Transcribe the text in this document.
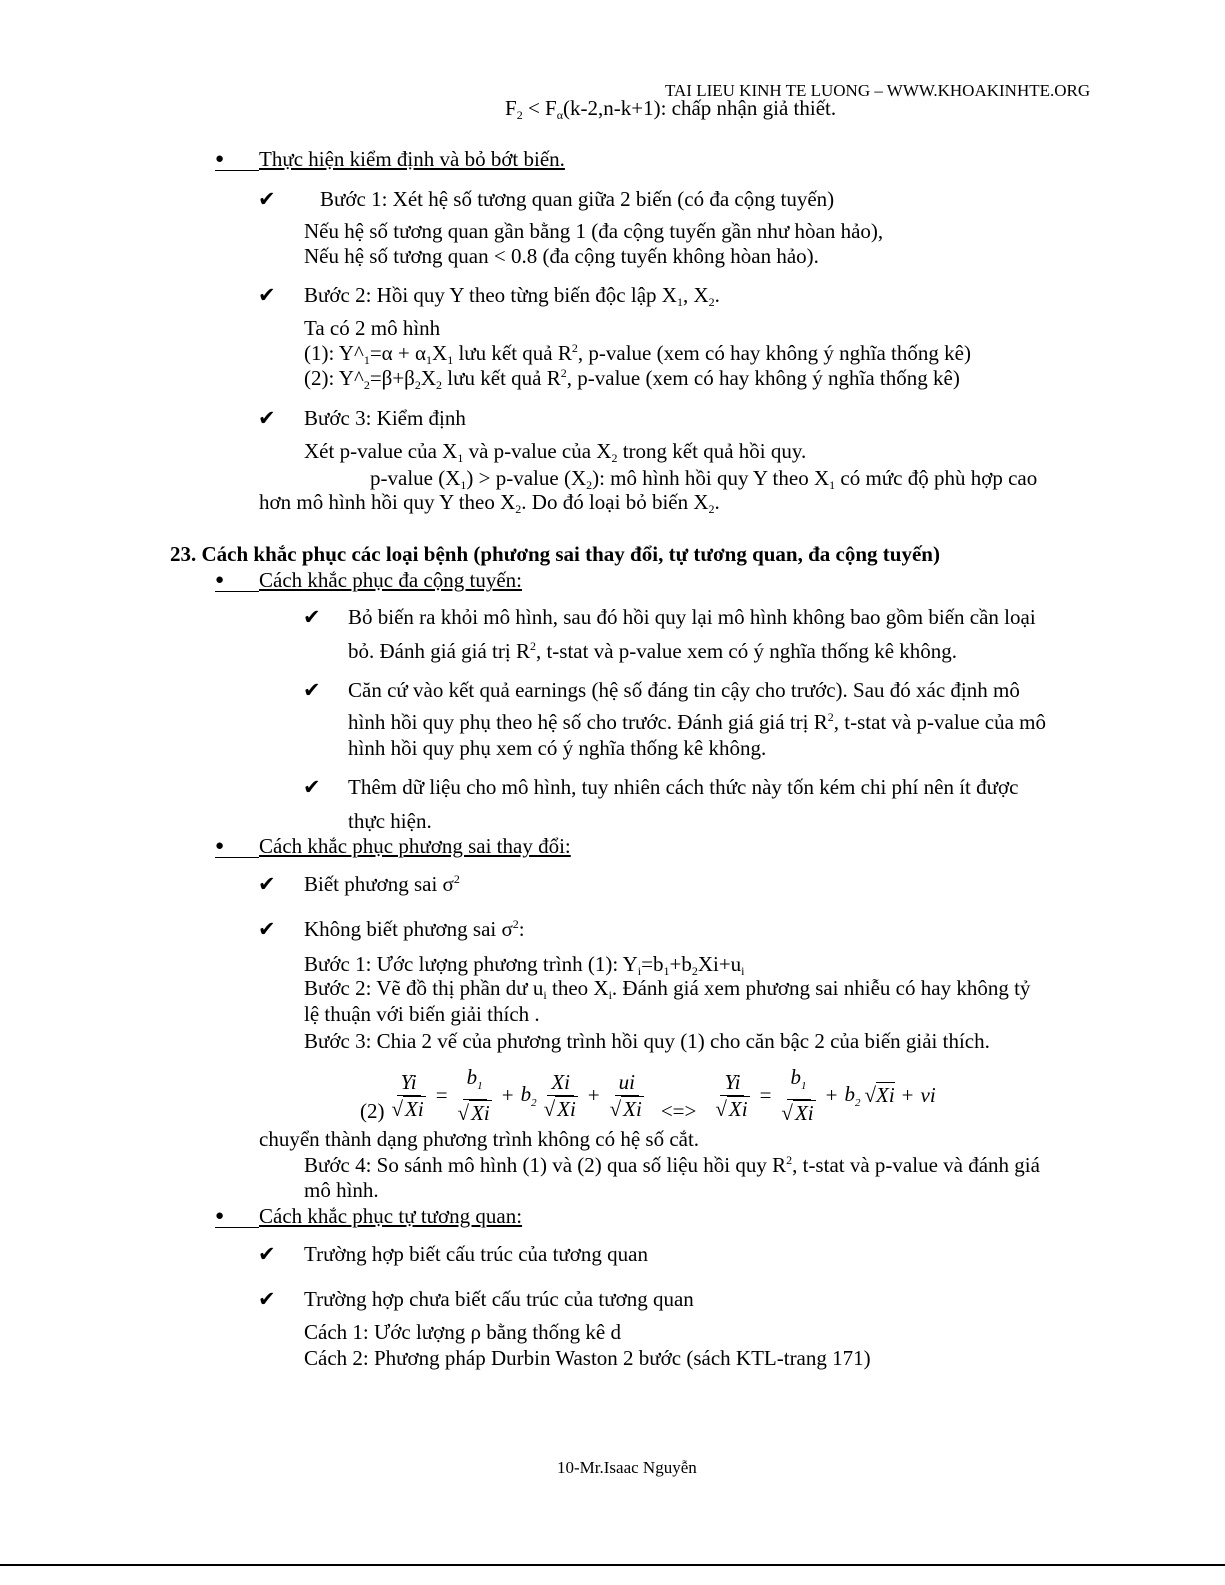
TAI LIEU KINH TE LUONG – WWW.KHOAKINHTE.ORG
$F_2 < F_\alpha(k-2,n-k+1)$: chấp nhận giả thiết.
● Thực hiện kiểm định và bỏ bớt biến.
✔ Bước 1: Xét hệ số tương quan giữa 2 biến (có đa cộng tuyến)
Nếu hệ số tương quan gần bằng 1 (đa cộng tuyến gần như hòan hảo),
Nếu hệ số tương quan < 0.8 (đa cộng tuyến không hòan hảo).
✔ Bước 2: Hồi quy Y theo từng biến độc lập $X_1$, $X_2$.
Ta có 2 mô hình
(1): $Y\^{}_1=\alpha + \alpha_1X_1$ lưu kết quả $R^2$, p-value (xem có hay không ý nghĩa thống kê)
(2): $Y\^{}_2=\beta+\beta_2X_2$ lưu kết quả $R^2$, p-value (xem có hay không ý nghĩa thống kê)
✔ Bước 3: Kiểm định
Xét p-value của $X_1$ và p-value của $X_2$ trong kết quả hồi quy.
p-value $(X_1)$ > p-value $(X_2)$: mô hình hồi quy Y theo $X_1$ có mức độ phù hợp cao
hơn mô hình hồi quy Y theo $X_2$. Do đó loại bỏ biến $X_2$.
23. Cách khắc phục các loại bệnh (phương sai thay đổi, tự tương quan, đa cộng tuyến)
● Cách khắc phục đa cộng tuyến:
✔ Bỏ biến ra khỏi mô hình, sau đó hồi quy lại mô hình không bao gồm biến cần loại
bỏ. Đánh giá giá trị $R^2$, t-stat và p-value xem có ý nghĩa thống kê không.
✔ Căn cứ vào kết quả earnings (hệ số đáng tin cậy cho trước). Sau đó xác định mô
hình hồi quy phụ theo hệ số cho trước. Đánh giá giá trị $R^2$, t-stat và p-value của mô
hình hồi quy phụ xem có ý nghĩa thống kê không.
✔ Thêm dữ liệu cho mô hình, tuy nhiên cách thức này tốn kém chi phí nên ít được
thực hiện.
● Cách khắc phục phương sai thay đổi:
✔ Biết phương sai $\sigma^2$
✔ Không biết phương sai $\sigma^2$:
Bước 1: Ước lượng phương trình (1): $Y_i=b_1+b_2Xi+u_i$
Bước 2: Vẽ đồ thị phần dư $u_i$ theo $X_i$. Đánh giá xem phương sai nhiễu có hay không tỷ
lệ thuận với biến giải thích .
Bước 3: Chia 2 vế của phương trình hồi quy (1) cho căn bậc 2 của biến giải thích.
chuyển thành dạng phương trình không có hệ số cắt.
Bước 4: So sánh mô hình (1) và (2) qua số liệu hồi quy $R^2$, t-stat và p-value và đánh giá
mô hình.
● Cách khắc phục tự tương quan:
✔ Trường hợp biết cấu trúc của tương quan
✔ Trường hợp chưa biết cấu trúc của tương quan
Cách 1: Ước lượng ρ bằng thống kê d
Cách 2: Phương pháp Durbin Waston 2 bước (sách KTL-trang 171)
$(2) \frac{Yi}{√Xi} = \frac{b_1}{√Xi} + b_2 \frac{Xi}{√Xi} + \frac{ui}{√Xi}$ <=> $\frac{Yi}{√Xi} = \frac{b_1}{√Xi} + b_2$ √Xi + vi
10-Mr.Isaac Nguyễn
